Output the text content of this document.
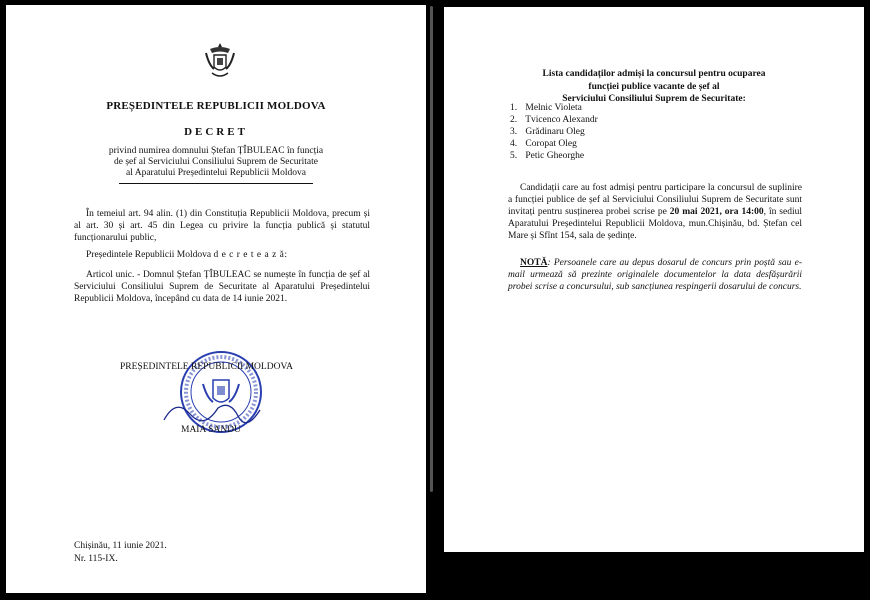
PREȘEDINTELE REPUBLICII MOLDOVA
DECRET
privind numirea domnului Ștefan ȚÎBULEAC în funcția
de șef al Serviciului Consiliului Suprem de Securitate
al Aparatului Președintelui Republicii Moldova
În temeiul art. 94 alin. (1) din Constituția Republicii Moldova, precum și al art. 30 și art. 45 din Legea cu privire la funcția publică și statutul funcționarului public,
Președintele Republicii Moldova d e c r e t e a z ă:
Articol unic. - Domnul Ștefan ȚÎBULEAC se numește în funcția de șef al Serviciului Consiliului Suprem de Securitate al Aparatului Președintelui Republicii Moldova, începând cu data de 14 iunie 2021.
PREȘEDINTELE REPUBLICII MOLDOVA
MAIA SANDU
Chișinău, 11 iunie 2021.
Nr. 115-IX.
Lista candidaților admiși la concursul pentru ocuparea
funcției publice vacante de șef al
Serviciului Consiliului Suprem de Securitate:
1. Melnic Violeta
2. Tvicenco Alexandr
3. Grădinaru Oleg
4. Coropat Oleg
5. Petic Gheorghe
Candidații care au fost admiși pentru participare la concursul de suplinire a funcției publice de șef al Serviciului Consiliului Suprem de Securitate sunt invitați pentru susținerea probei scrise pe 20 mai 2021, ora 14:00, în sediul Aparatului Președintelui Republicii Moldova, mun.Chișinău, bd. Ștefan cel Mare și Sfînt 154, sala de ședințe.
NOTĂ: Persoanele care au depus dosarul de concurs prin poștă sau e-mail urmează să prezinte originalele documentelor la data desfășurării probei scrise a concursului, sub sancțiunea respingerii dosarului de concurs.
